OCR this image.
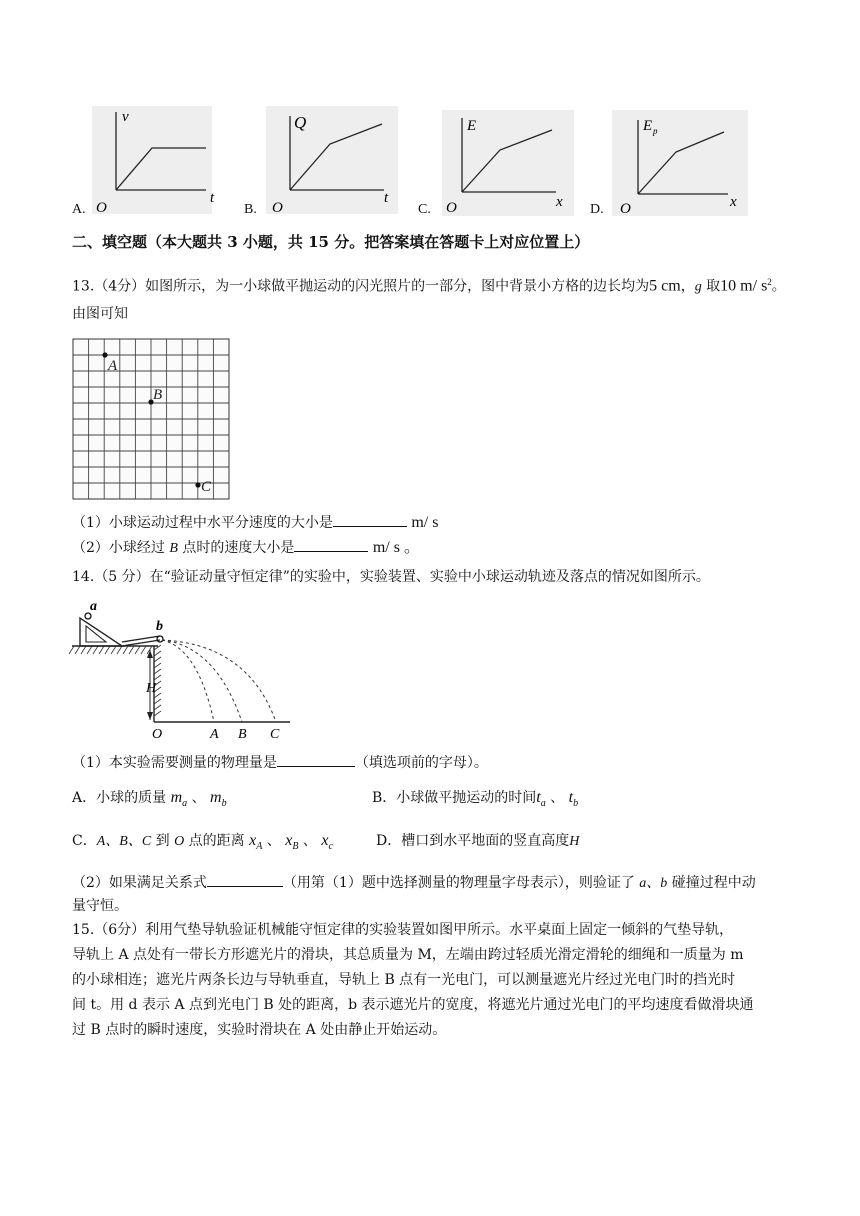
v
t
O
Q
t
O
E
x
O
E p
x
O
A.	B.	C.	D.
二、填空题（本大题共 3 小题，共 15 分。把答案填在答题卡上对应位置上）
13.（4分）如图所示，为一小球做平抛运动的闪光照片的一部分，图中背景小方格的边长均为5 cm，g 取10 m/ $s^2$。
由图可知
A
B
C
（1）小球运动过程中水平分速度的大小是	m/ s
（2）小球经过 B 点时的速度大小是	m/ s 。
14.（5 分）在“验证动量守恒定律”的实验中，实验装置、实验中小球运动轨迹及落点的情况如图所示。
a
b
H
O	A B C
（1）本实验需要测量的物理量是	（填选项前的字母）。
A．小球的质量 $m_a$ 、 $m_b$	B．小球做平抛运动的时间$t_a$ 、 $t_b$
C．A、B、C 到 O 点的距离 $x_A$ 、 $x_B$ 、 $x_c$	D．槽口到水平地面的竖直高度H
（2）如果满足关系式	（用第（1）题中选择测量的物理量字母表示），则验证了 a、b 碰撞过程中动
量守恒。
15.（6分）利用气垫导轨验证机械能守恒定律的实验装置如图甲所示。水平桌面上固定一倾斜的气垫导轨，
导轨上 A 点处有一带长方形遮光片的滑块，其总质量为 M，左端由跨过轻质光滑定滑轮的细绳和一质量为 m
的小球相连；遮光片两条长边与导轨垂直，导轨上 B 点有一光电门，可以测量遮光片经过光电门时的挡光时
间 t。用 d 表示 A 点到光电门 B 处的距离，b 表示遮光片的宽度，将遮光片通过光电门的平均速度看做滑块通
过 B 点时的瞬时速度，实验时滑块在 A 处由静止开始运动。
